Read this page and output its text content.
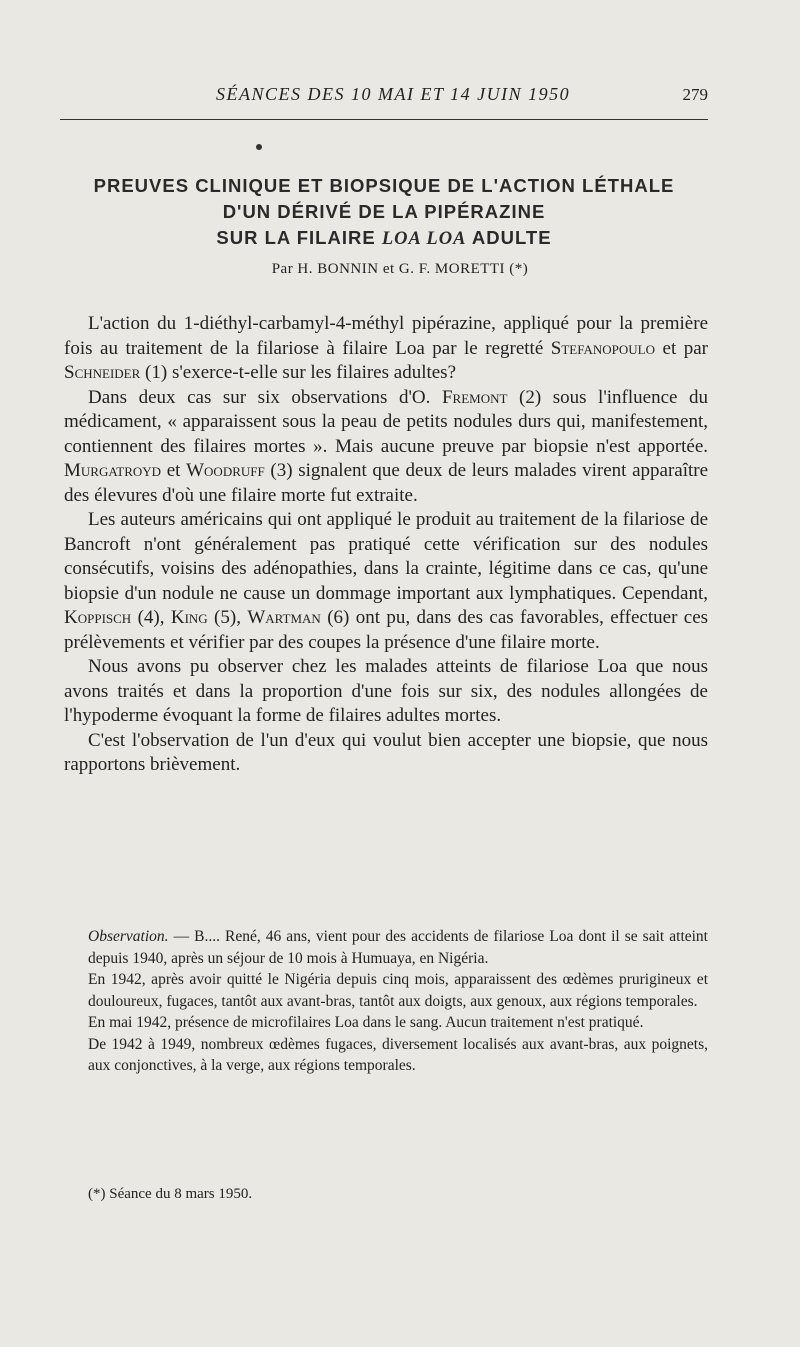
SÉANCES DES 10 MAI ET 14 JUIN 1950	279
PREUVES CLINIQUE ET BIOPSIQUE DE L'ACTION LÉTHALE
D'UN DÉRIVÉ DE LA PIPÉRAZINE
SUR LA FILAIRE LOA LOA ADULTE
Par H. BONNIN et G. F. MORETTI (*)

L'action du 1-diéthyl-carbamyl-4-méthyl pipérazine, appliqué pour la première fois au traitement de la filariose à filaire Loa par le regretté Stefanopoulo et par Schneider (1) s'exerce-t-elle sur les filaires adultes?

Dans deux cas sur six observations d'O. Fremont (2) sous l'influence du médicament, « apparaissent sous la peau de petits nodules durs qui, manifestement, contiennent des filaires mortes ». Mais aucune preuve par biopsie n'est apportée. Murgatroyd et Woodruff (3) signalent que deux de leurs malades virent apparaître des élevures d'où une filaire morte fut extraite.

Les auteurs américains qui ont appliqué le produit au traitement de la filariose de Bancroft n'ont généralement pas pratiqué cette vérification sur des nodules consécutifs, voisins des adénopathies, dans la crainte, légitime dans ce cas, qu'une biopsie d'un nodule ne cause un dommage important aux lymphatiques. Cependant, Koppisch (4), King (5), Wartman (6) ont pu, dans des cas favorables, effectuer ces prélèvements et vérifier par des coupes la présence d'une filaire morte.

Nous avons pu observer chez les malades atteints de filariose Loa que nous avons traités et dans la proportion d'une fois sur six, des nodules allongées de l'hypoderme évoquant la forme de filaires adultes mortes.

C'est l'observation de l'un d'eux qui voulut bien accepter une biopsie, que nous rapportons brièvement.

Observation. — B.... René, 46 ans, vient pour des accidents de filariose Loa dont il se sait atteint depuis 1940, après un séjour de 10 mois à Humuaya, en Nigéria.

En 1942, après avoir quitté le Nigéria depuis cinq mois, apparaissent des œdèmes prurigineux et douloureux, fugaces, tantôt aux avant-bras, tantôt aux doigts, aux genoux, aux régions temporales.

En mai 1942, présence de microfilaires Loa dans le sang. Aucun traitement n'est pratiqué.

De 1942 à 1949, nombreux œdèmes fugaces, diversement localisés aux avant-bras, aux poignets, aux conjonctives, à la verge, aux régions temporales.

(*) Séance du 8 mars 1950.
